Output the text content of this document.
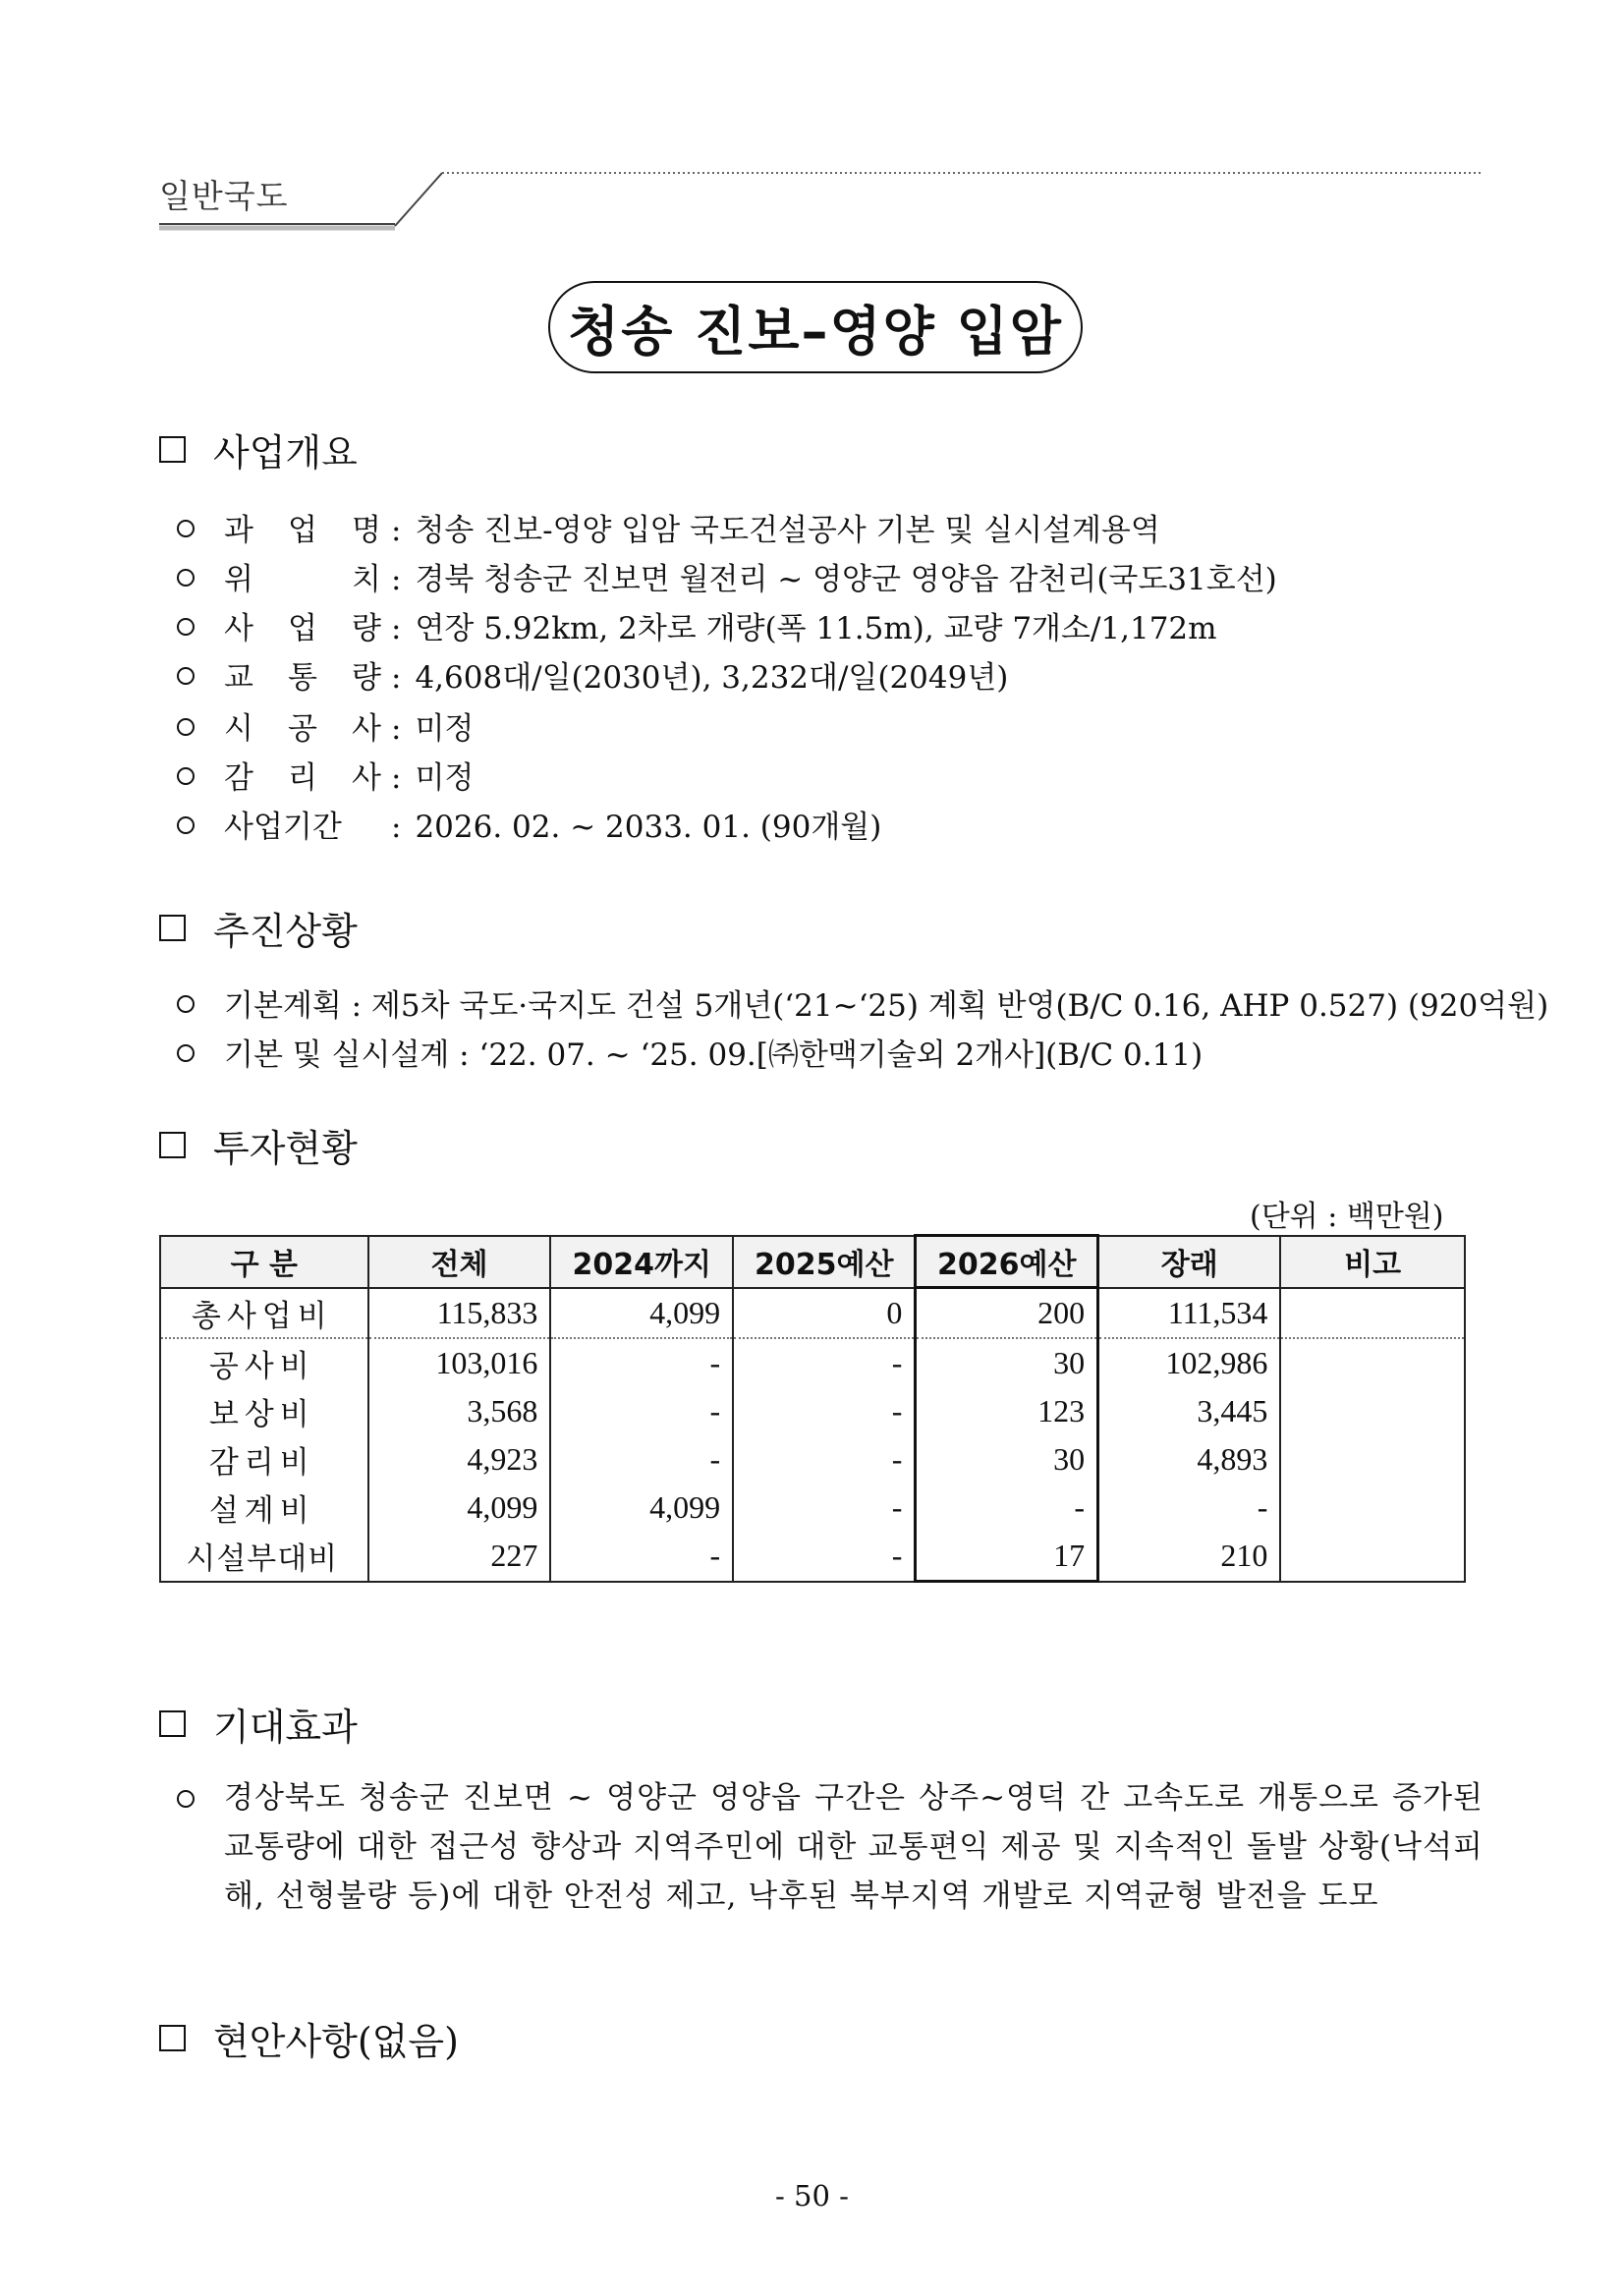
일반국도
청송 진보–영양 입암
사업개요
과 업 명 : 청송 진보-영양 입암 국도건설공사 기본 및 실시설계용역
위	치 : 경북 청송군 진보면 월전리 ~ 영양군 영양읍 감천리(국도31호선)
사 업 량 : 연장 5.92km, 2차로 개량(폭 11.5m), 교량 7개소/1,172m
교 통 량 : 4,608대/일(2030년), 3,232대/일(2049년)
시 공 사 : 미정
감 리 사 : 미정
사업기간 : 2026. 02. ~ 2033. 01. (90개월)
추진상황
기본계획 : 제5차 국도·국지도 건설 5개년(‘21~‘25) 계획 반영(B/C 0.16, AHP 0.527) (920억원)
기본 및 실시설계 : ‘22. 07. ~ ‘25. 09.[㈜한맥기술외 2개사](B/C 0.11)
투자현황
(단위 : 백만원)
구 분	전체	2024까지	2025예산	2026예산	장래	비고
총사업비	115,833	4,099	0	200	111,534	
공사비	103,016	-	-	30	102,986	
보상비	3,568	-	-	123	3,445	
감리비	4,923	-	-	30	4,893	
설계비	4,099	4,099	-	-	-	
시설부대비	227	-	-	17	210	
기대효과
경상북도 청송군 진보면 ~ 영양군 영양읍 구간은 상주~영덕 간 고속도로 개통으로 증가된 교통량에 대한 접근성 향상과 지역주민에 대한 교통편익 제공 및 지속적인 돌발 상황(낙석피해, 선형불량 등)에 대한 안전성 제고, 낙후된 북부지역 개발로 지역균형 발전을 도모
현안사항(없음)
- 50 -
